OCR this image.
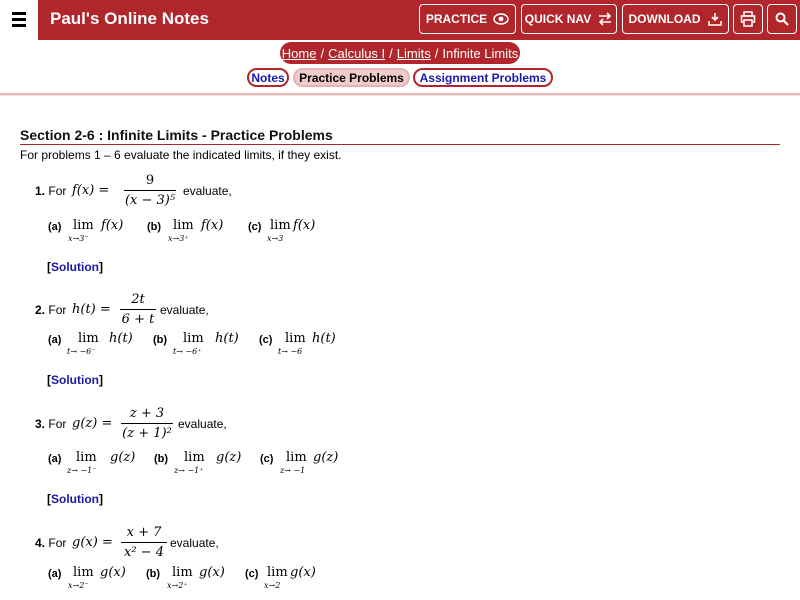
Paul's Online Notes	PRACTICE	QUICK NAV	DOWNLOAD
Home / Calculus I / Limits / Infinite Limits
Notes	Practice Problems	Assignment Problems
Section 2-6 : Infinite Limits - Practice Problems
For problems 1 – 6 evaluate the indicated limits, if they exist.
1. For f(x) =
9
(x − 3)⁵
evaluate,
(a) lim
x→3⁻
f(x) (b) lim
x→3⁺
f(x) (c) lim
x→3
f(x)
[Solution]
2. For h(t) =
2t
6 + t
evaluate,
(a) lim
t→ −6⁻
h(t) (b) lim
t→ −6⁺
h(t) (c) lim
t→ −6
h(t)
[Solution]
3. For g(z) =
z + 3
(z + 1)²
evaluate,
(a) lim
z→ −1⁻
g(z) (b) lim
z→ −1⁺
g(z) (c) lim
z→ −1
g(z)
[Solution]
4. For g(x) =
x + 7
x² − 4
evaluate,
(a) lim
x→2⁻
g(x) (b) lim
x→2⁺
g(x) (c) lim
x→2
g(x)
